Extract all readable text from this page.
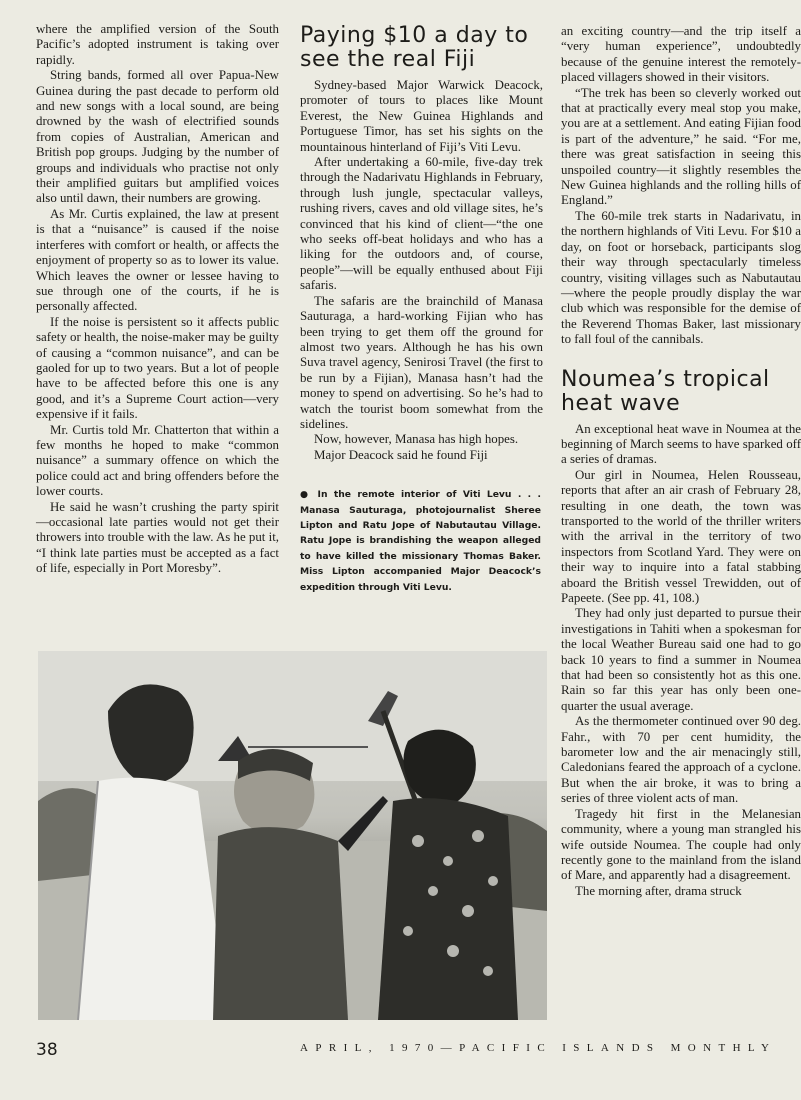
where the amplified version of the South Pacific’s adopted instrument is taking over rapidly.

String bands, formed all over Papua-New Guinea during the past decade to perform old and new songs with a local sound, are being drowned by the wash of electrified sounds from copies of Australian, American and British pop groups. Judging by the number of groups and individuals who practise not only their amplified guitars but amplified voices also until dawn, their numbers are growing.

As Mr. Curtis explained, the law at present is that a “nuisance” is caused if the noise interferes with comfort or health, or affects the enjoyment of property so as to lower its value. Which leaves the owner or lessee having to sue through one of the courts, if he is personally affected.

If the noise is persistent so it affects public safety or health, the noise-maker may be guilty of causing a “common nuisance”, and can be gaoled for up to two years. But a lot of people have to be affected before this one is any good, and it’s a Supreme Court action—very expensive if it fails.

Mr. Curtis told Mr. Chatterton that within a few months he hoped to make “common nuisance” a summary offence on which the police could act and bring offenders before the lower courts.

He said he wasn’t crushing the party spirit—occasional late parties would not get their throwers into trouble with the law. As he put it, “I think late parties must be accepted as a fact of life, especially in Port Moresby”.

Paying $10 a day to see the real Fiji

Sydney-based Major Warwick Deacock, promoter of tours to places like Mount Everest, the New Guinea Highlands and Portuguese Timor, has set his sights on the mountainous hinterland of Fiji’s Viti Levu.

After undertaking a 60-mile, five-day trek through the Nadarivatu Highlands in February, through lush jungle, spectacular valleys, rushing rivers, caves and old village sites, he’s convinced that his kind of client—“the one who seeks off-beat holidays and who has a liking for the outdoors and, of course, people”—will be equally enthused about Fiji safaris.

The safaris are the brainchild of Manasa Sauturaga, a hard-working Fijian who has been trying to get them off the ground for almost two years. Although he has his own Suva travel agency, Senirosi Travel (the first to be run by a Fijian), Manasa hasn’t had the money to spend on advertising. So he’s had to watch the tourist boom somewhat from the sidelines.

Now, however, Manasa has high hopes.

Major Deacock said he found Fiji

● In the remote interior of Viti Levu . . . Manasa Sauturaga, photojournalist Sheree Lipton and Ratu Jope of Nabutautau Village. Ratu Jope is brandishing the weapon alleged to have killed the missionary Thomas Baker. Miss Lipton accompanied Major Deacock’s expedition through Viti Levu.

an exciting country—and the trip itself a “very human experience”, undoubtedly because of the genuine interest the remotely-placed villagers showed in their visitors.

“The trek has been so cleverly worked out that at practically every meal stop you make, you are at a settlement. And eating Fijian food is part of the adventure,” he said. “For me, there was great satisfaction in seeing this unspoiled country—it slightly resembles the New Guinea highlands and the rolling hills of England.”

The 60-mile trek starts in Nadarivatu, in the northern highlands of Viti Levu. For $10 a day, on foot or horseback, participants slog their way through spectacularly timeless country, visiting villages such as Nabutautau—where the people proudly display the war club which was responsible for the demise of the Reverend Thomas Baker, last missionary to fall foul of the cannibals.

Noumea’s tropical heat wave

An exceptional heat wave in Noumea at the beginning of March seems to have sparked off a series of dramas.

Our girl in Noumea, Helen Rousseau, reports that after an air crash of February 28, resulting in one death, the town was transported to the world of the thriller writers with the arrival in the territory of two inspectors from Scotland Yard. They were on their way to inquire into a fatal stabbing aboard the British vessel Trewidden, out of Papeete. (See pp. 41, 108.)

They had only just departed to pursue their investigations in Tahiti when a spokesman for the local Weather Bureau said one had to go back 10 years to find a summer in Noumea that had been so consistently hot as this one. Rain so far this year has only been one-quarter the usual average.

As the thermometer continued over 90 deg. Fahr., with 70 per cent humidity, the barometer low and the air menacingly still, Caledonians feared the approach of a cyclone. But when the air broke, it was to bring a series of three violent acts of man.

Tragedy hit first in the Melanesian community, where a young man strangled his wife outside Noumea. The couple had only recently gone to the mainland from the island of Mare, and apparently had a disagreement.

The morning after, drama struck

38	APRIL, 1970—PACIFIC ISLANDS MONTHLY
